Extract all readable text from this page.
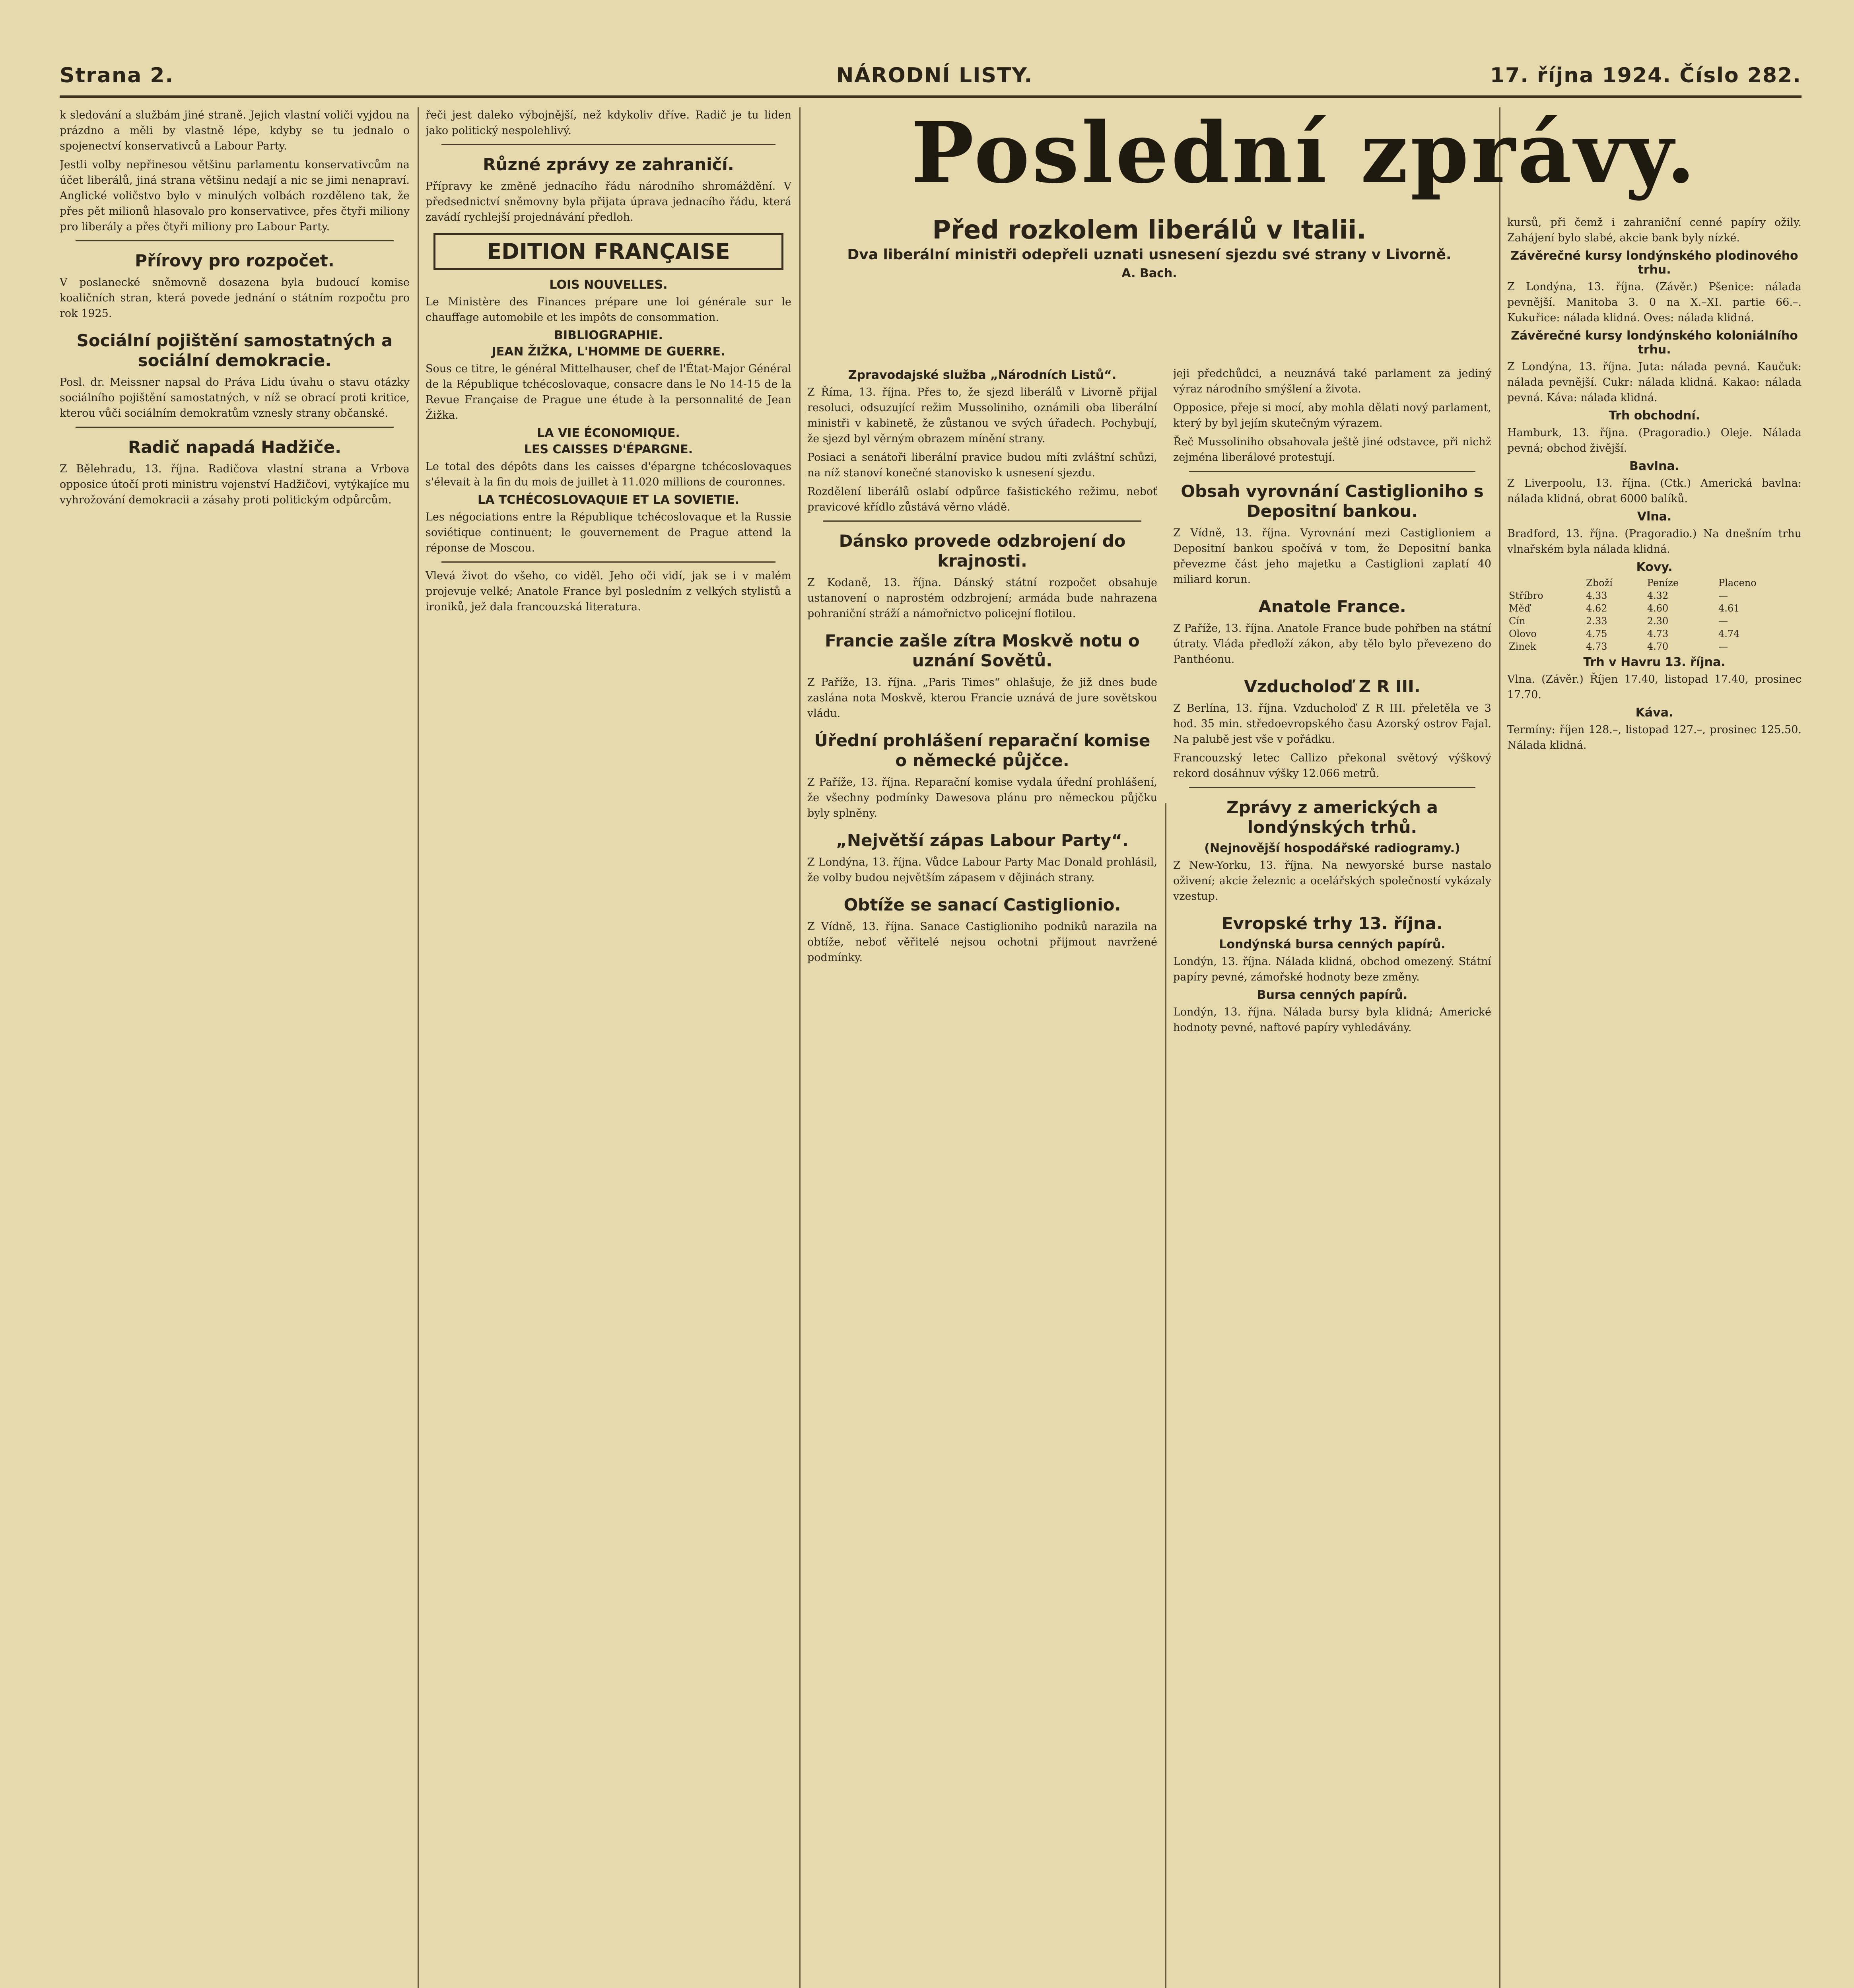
Strana 2.	NÁRODNÍ LISTY.	17. října 1924. Číslo 282.

k sledování a službám jiné straně. Jejich vlastní voliči vyjdou na prázdno a měli by vlastně lépe, kdyby se tu jednalo o spojenectví konservativců a Labour Party.

Jestli volby nepřinesou většinu parlamentu konservativcům na účet liberálů, jiná strana většinu nedají a nic se jimi nenapraví. Anglické voličstvo bylo v minulých volbách rozděleno tak, že přes pět milionů hlasovalo pro konservativce, přes čtyři miliony pro liberály a přes čtyři miliony pro Labour Party.

Přírovy pro rozpočet.

V poslanecké sněmovně dosazena byla budoucí komise koaličních stran, která povede jednání o státním rozpočtu pro rok 1925.

Sociální pojištění samostatných a sociální demokracie.

Posl. dr. Meissner napsal do Práva Lidu úvahu o stavu otázky sociálního pojištění samostatných, v níž se obrací proti kritice, kterou vůči sociálním demokratům vznesly strany občanské.

Radič napadá Hadžiče.

Z Bělehradu, 13. října. Radičova vlastní strana a Vrbova opposice útočí proti ministru vojenství Hadžičovi, vytýkajíce mu vyhrožování demokracii a zásahy proti politickým odpůrcům.

řeči jest daleko výbojnější, než kdykoliv dříve. Radič je tu liden jako politický nespolehlivý.

Různé zprávy ze zahraničí.

Přípravy ke změně jednacího řádu národního shromáždění. V předsednictví sněmovny byla přijata úprava jednacího řádu, která zavádí rychlejší projednávání předloh.

EDITION FRANÇAISE
LOIS NOUVELLES.

Le Ministère des Finances prépare une loi générale sur le chauffage automobile et les impôts de consommation.

BIBLIOGRAPHIE.
JEAN ŽIŽKA, L'HOMME DE GUERRE.

Sous ce titre, le général Mittelhauser, chef de l'État-Major Général de la République tchécoslovaque, consacre dans le No 14-15 de la Revue Française de Prague une étude à la personnalité de Jean Žižka.

LA VIE ÉCONOMIQUE.
LES CAISSES D'ÉPARGNE.

Le total des dépôts dans les caisses d'épargne tchécoslovaques s'élevait à la fin du mois de juillet à 11.020 millions de couronnes.

LA TCHÉCOSLOVAQUIE ET LA SOVIETIE.

Les négociations entre la République tchécoslovaque et la Russie soviétique continuent; le gouvernement de Prague attend la réponse de Moscou.

Vlevá život do všeho, co viděl. Jeho oči vidí, jak se i v malém projevuje velké; Anatole France byl posledním z velkých stylistů a ironiků, jež dala francouzská literatura.

Poslední zprávy.
Před rozkolem liberálů v Italii.
Dva liberální ministři odepřeli uznati usnesení sjezdu své strany v Livorně.
A. Bach.
Zpravodajské služba „Národních Listů“.

Z Říma, 13. října. Přes to, že sjezd liberálů v Livorně přijal resoluci, odsuzující režim Mussoliniho, oznámili oba liberální ministři v kabinetě, že zůstanou ve svých úřadech. Pochybují, že sjezd byl věrným obrazem mínění strany.

Posiaci a senátoři liberální pravice budou míti zvláštní schůzi, na níž stanoví konečné stanovisko k usnesení sjezdu.

Rozdělení liberálů oslabí odpůrce fašistického režimu, neboť pravicové křídlo zůstává věrno vládě.

Dánsko provede odzbrojení do krajnosti.

Z Kodaně, 13. října. Dánský státní rozpočet obsahuje ustanovení o naprostém odzbrojení; armáda bude nahrazena pohraniční stráží a námořnictvo policejní flotilou.

Francie zašle zítra Moskvě notu o uznání Sovětů.

Z Paříže, 13. října. „Paris Times“ ohlašuje, že již dnes bude zaslána nota Moskvě, kterou Francie uznává de jure sovětskou vládu.

Úřední prohlášení reparační komise o německé půjčce.

Z Paříže, 13. října. Reparační komise vydala úřední prohlášení, že všechny podmínky Dawesova plánu pro německou půjčku byly splněny.

„Největší zápas Labour Party“.

Z Londýna, 13. října. Vůdce Labour Party Mac Donald prohlásil, že volby budou největším zápasem v dějinách strany.

Obtíže se sanací Castiglionio.

Z Vídně, 13. října. Sanace Castiglioniho podniků narazila na obtíže, neboť věřitelé nejsou ochotni přijmout navržené podmínky.

jeji předchůdci, a neuznává také parlament za jediný výraz národního smýšlení a života.

Opposice, přeje si mocí, aby mohla dělati nový parlament, který by byl jejím skutečným výrazem.

Řeč Mussoliniho obsahovala ještě jiné odstavce, při nichž zejména liberálové protestují.

Obsah vyrovnání Castiglioniho s Depositní bankou.

Z Vídně, 13. října. Vyrovnání mezi Castiglioniem a Depositní bankou spočívá v tom, že Depositní banka převezme část jeho majetku a Castiglioni zaplatí 40 miliard korun.

Anatole France.

Z Paříže, 13. října. Anatole France bude pohřben na státní útraty. Vláda předloží zákon, aby tělo bylo převezeno do Panthéonu.

Vzducholoď Z R III.

Z Berlína, 13. října. Vzducholoď Z R III. přeletěla ve 3 hod. 35 min. středoevropského času Azorský ostrov Fajal. Na palubě jest vše v pořádku.

Francouzský letec Callizo překonal světový výškový rekord dosáhnuv výšky 12.066 metrů.

Zprávy z amerických a londýnských trhů.
(Nejnovější hospodářské radiogramy.)

Z New-Yorku, 13. října. Na newyorské burse nastalo oživení; akcie železnic a ocelářských společností vykázaly vzestup.

Evropské trhy 13. října.
Londýnská bursa cenných papírů.

Londýn, 13. října. Nálada klidná, obchod omezený. Státní papíry pevné, zámořské hodnoty beze změny.

Bursa cenných papírů.

Londýn, 13. října. Nálada bursy byla klidná; Americké hodnoty pevné, naftové papíry vyhledávány.

kursů, při čemž i zahraniční cenné papíry ožily. Zahájení bylo slabé, akcie bank byly nízké.

Závěrečné kursy londýnského plodinového trhu.

Z Londýna, 13. října. (Závěr.) Pšenice: nálada pevnější. Manitoba 3. 0 na X.–XI. partie 66.–. Kukuřice: nálada klidná. Oves: nálada klidná.

Závěrečné kursy londýnského koloniálního trhu.

Z Londýna, 13. října. Juta: nálada pevná. Kaučuk: nálada pevnější. Cukr: nálada klidná. Kakao: nálada pevná. Káva: nálada klidná.

Trh obchodní.

Hamburk, 13. října. (Pragoradio.) Oleje. Nálada pevná; obchod živější.

Bavlna.

Z Liverpoolu, 13. října. (Ctk.) Americká bavlna: nálada klidná, obrat 6000 balíků.

Vlna.

Bradford, 13. října. (Pragoradio.) Na dnešním trhu vlnařském byla nálada klidná.

Kovy.
	Zboží	Peníze	Placeno
Stříbro	4.33	4.32	—
Měď	4.62	4.60	4.61
Cín	2.33	2.30	—
Olovo	4.75	4.73	4.74
Zinek	4.73	4.70	—
Trh v Havru 13. října.

Vlna. (Závěr.) Říjen 17.40, listopad 17.40, prosinec 17.70.

Káva.

Termíny: říjen 128.–, listopad 127.–, prosinec 125.50. Nálada klidná.
